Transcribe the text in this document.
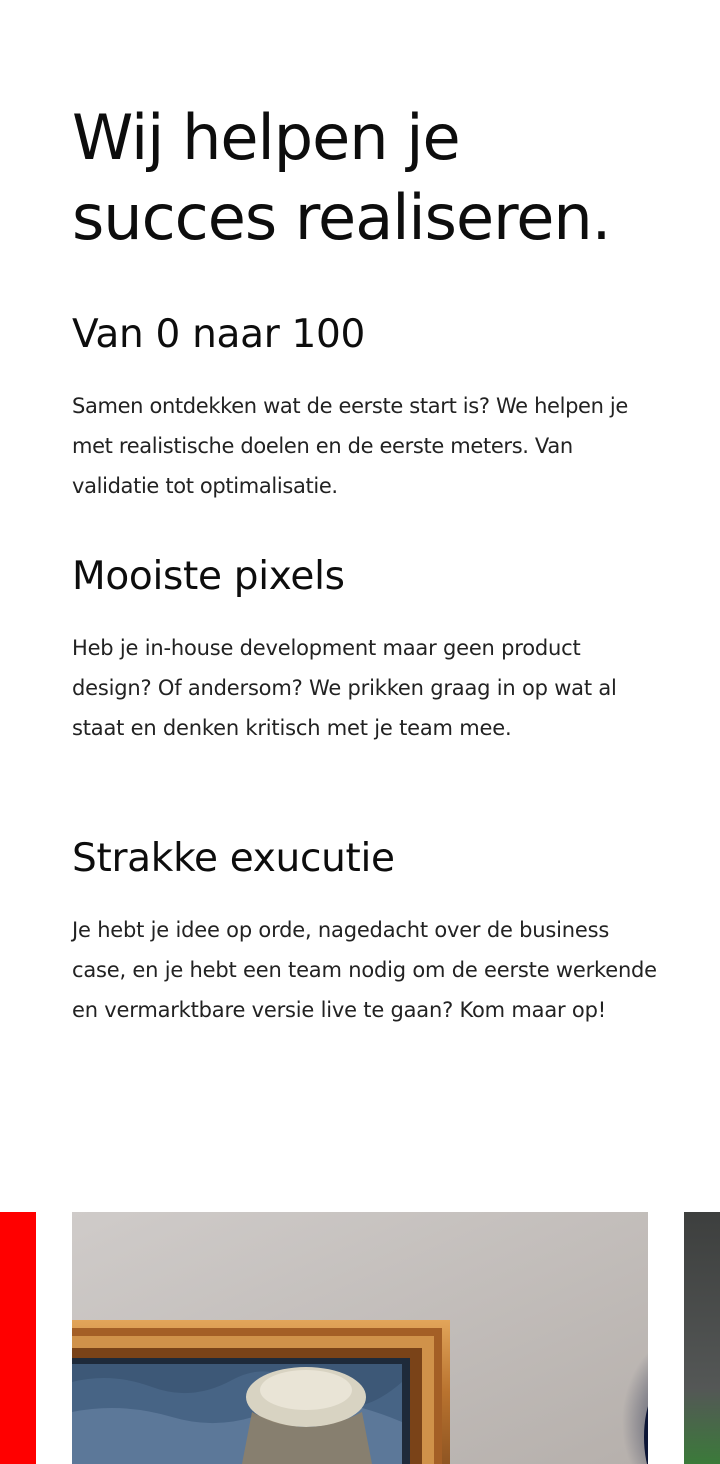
Wij helpen je
succes realiseren.
Van 0 naar 100

Samen ontdekken wat de eerste start is? We helpen je met realistische doelen en de eerste meters. Van validatie tot optimalisatie.

Mooiste pixels

Heb je in-house development maar geen product design? Of andersom? We prikken graag in op wat al staat en denken kritisch met je team mee.

Strakke exucutie

Je hebt je idee op orde, nagedacht over de business case, en je hebt een team nodig om de eerste werkende en vermarktbare versie live te gaan? Kom maar op!
